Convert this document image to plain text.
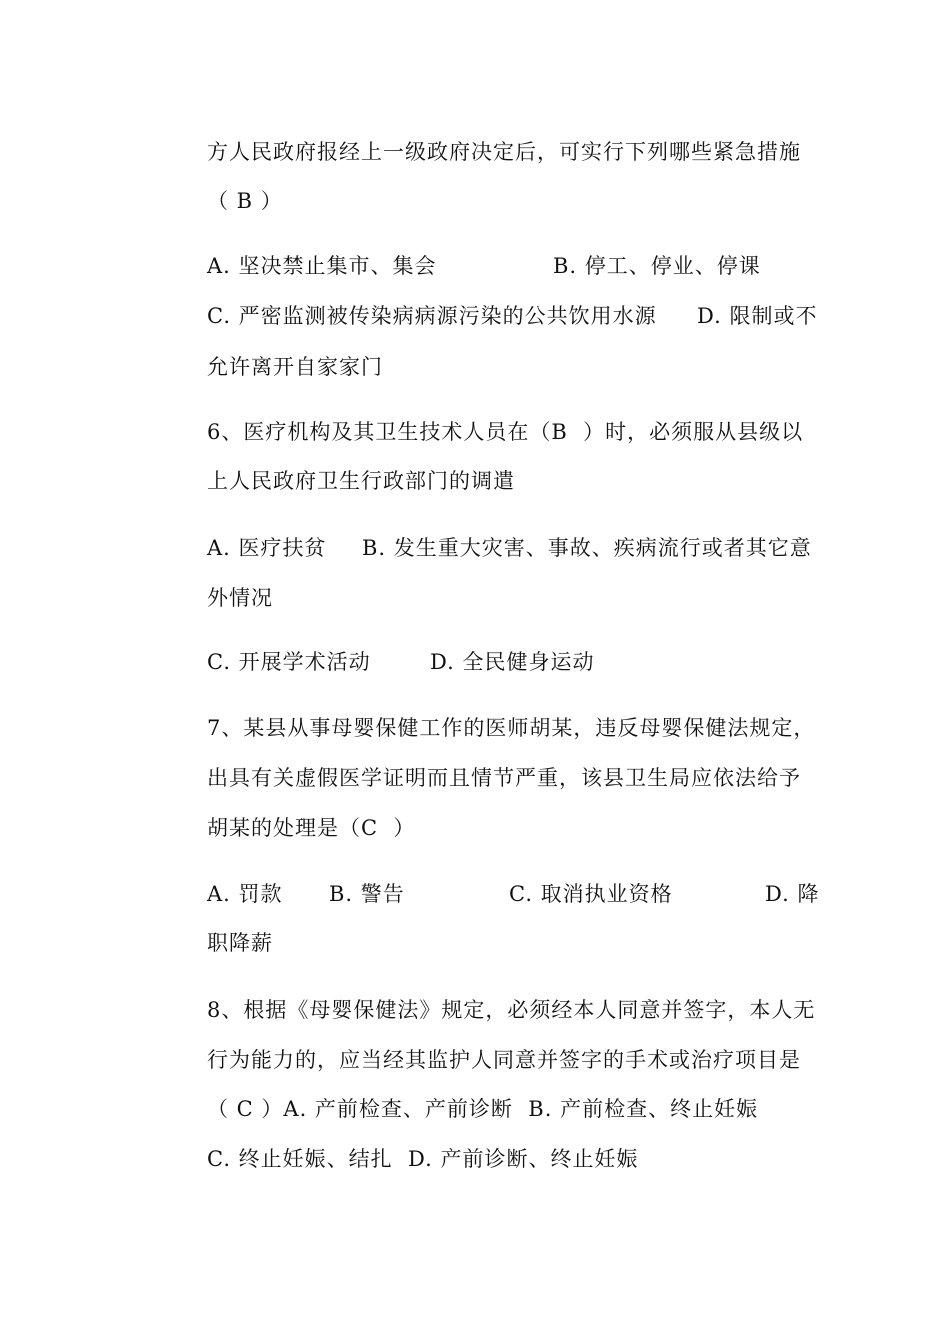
方人民政府报经上一级政府决定后，可实行下列哪些紧急措施
（ B ）
A. 坚决禁止集市、集会	B. 停工、停业、停课
C. 严密监测被传染病病源污染的公共饮用水源 D. 限制或不
允许离开自家家门
6、医疗机构及其卫生技术人员在（B  ）时，必须服从县级以
上人民政府卫生行政部门的调遣
A. 医疗扶贫 B. 发生重大灾害、事故、疾病流行或者其它意
外情况
C. 开展学术活动	D. 全民健身运动
7、某县从事母婴保健工作的医师胡某，违反母婴保健法规定，
出具有关虚假医学证明而且情节严重，该县卫生局应依法给予
胡某的处理是（C  ）
A. 罚款 B. 警告	C. 取消执业资格	D. 降
职降薪
8、根据《母婴保健法》规定，必须经本人同意并签字，本人无
行为能力的，应当经其监护人同意并签字的手术或治疗项目是
（ C ）A. 产前检查、产前诊断  B. 产前检查、终止妊娠
C. 终止妊娠、结扎  D. 产前诊断、终止妊娠
